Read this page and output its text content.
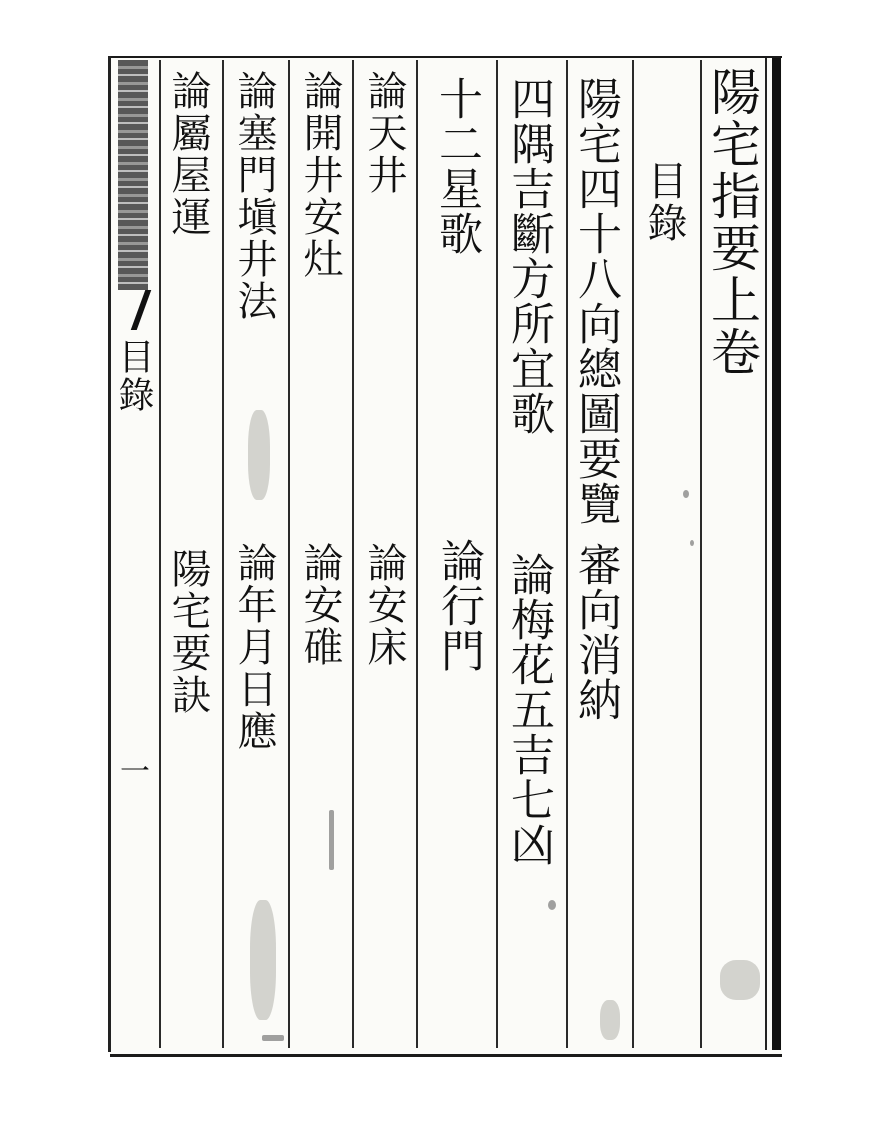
目錄
一
陽宅指要上卷
目錄
陽宅四十八向總圖要覽
審向消納
四隅吉斷方所宜歌
論梅花五吉七凶
十二星歌
論行門
論天井
論安床
論開井安灶
論安碓
論塞門塡井法
論年月日應
論屬屋運
陽宅要訣
